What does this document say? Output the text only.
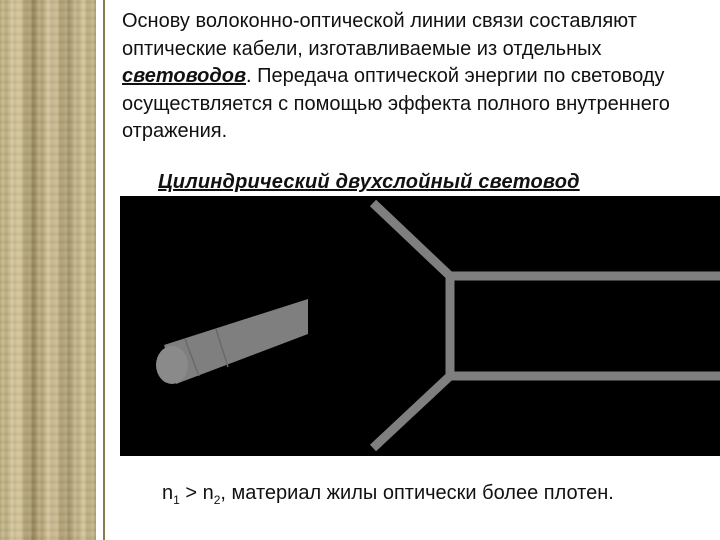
Основу волоконно-оптической линии связи составляют оптические кабели, изготавливаемые из отдельных световодов. Передача оптической энергии по световоду осуществляется с помощью эффекта полного внутреннего отражения.

Цилиндрический двухслойный световод
$n_1 > n_2$, материал жилы оптически более плотен.
